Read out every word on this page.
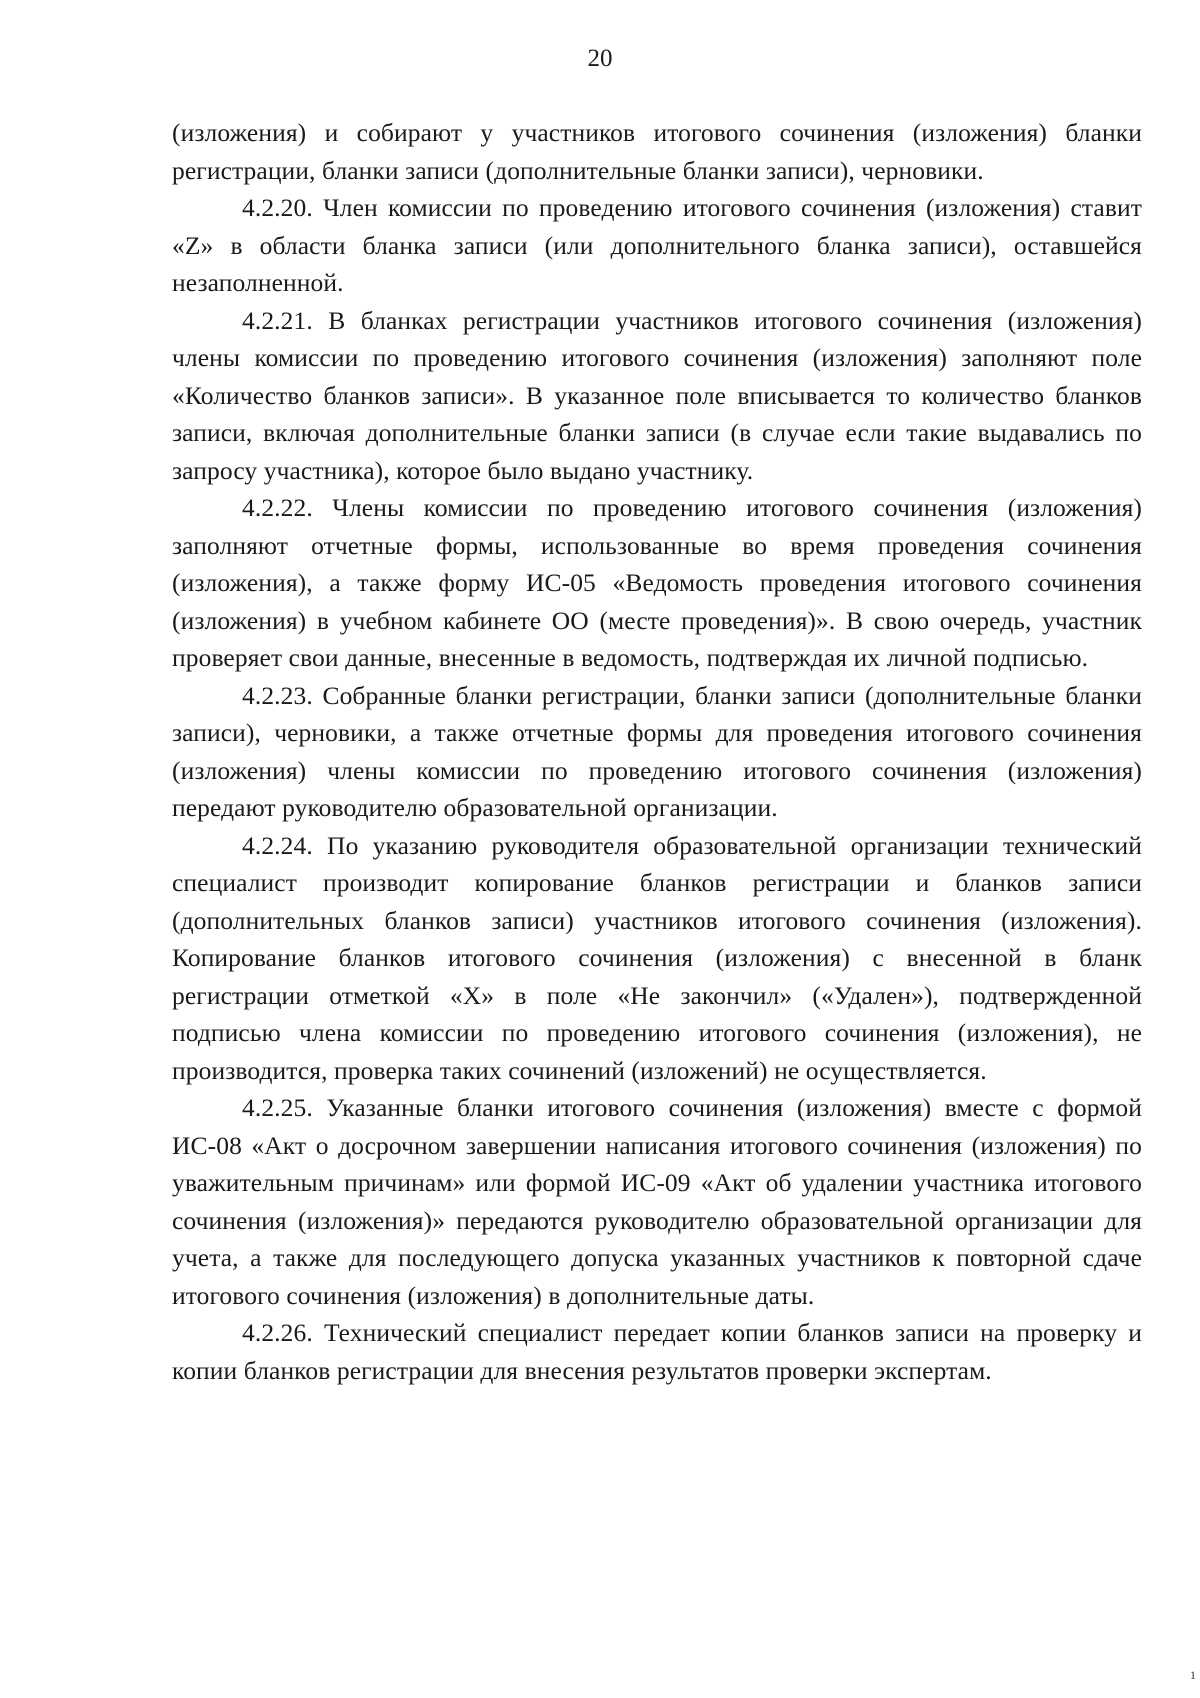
20

(изложения) и собирают у участников итогового сочинения (изложения) бланки регистрации, бланки записи (дополнительные бланки записи), черновики.

4.2.20. Член комиссии по проведению итогового сочинения (изложения) ставит «Z» в области бланка записи (или дополнительного бланка записи), оставшейся незаполненной.

4.2.21. В бланках регистрации участников итогового сочинения (изложения) члены комиссии по проведению итогового сочинения (изложения) заполняют поле «Количество бланков записи». В указанное поле вписывается то количество бланков записи, включая дополнительные бланки записи (в случае если такие выдавались по запросу участника), которое было выдано участнику.

4.2.22. Члены комиссии по проведению итогового сочинения (изложения) заполняют отчетные формы, использованные во время проведения сочинения (изложения), а также форму ИС-05 «Ведомость проведения итогового сочинения (изложения) в учебном кабинете ОО (месте проведения)». В свою очередь, участник проверяет свои данные, внесенные в ведомость, подтверждая их личной подписью.

4.2.23. Собранные бланки регистрации, бланки записи (дополнительные бланки записи), черновики, а также отчетные формы для проведения итогового сочинения (изложения) члены комиссии по проведению итогового сочинения (изложения) передают руководителю образовательной организации.

4.2.24. По указанию руководителя образовательной организации технический специалист производит копирование бланков регистрации и бланков записи (дополнительных бланков записи) участников итогового сочинения (изложения). Копирование бланков итогового сочинения (изложения) с внесенной в бланк регистрации отметкой «X» в поле «Не закончил» («Удален»), подтвержденной подписью члена комиссии по проведению итогового сочинения (изложения), не производится, проверка таких сочинений (изложений) не осуществляется.

4.2.25. Указанные бланки итогового сочинения (изложения) вместе с формой ИС-08 «Акт о досрочном завершении написания итогового сочинения (изложения) по уважительным причинам» или формой ИС-09 «Акт об удалении участника итогового сочинения (изложения)» передаются руководителю образовательной организации для учета, а также для последующего допуска указанных участников к повторной сдаче итогового сочинения (изложения) в дополнительные даты.

4.2.26. Технический специалист передает копии бланков записи на проверку и копии бланков регистрации для внесения результатов проверки экспертам.

1
